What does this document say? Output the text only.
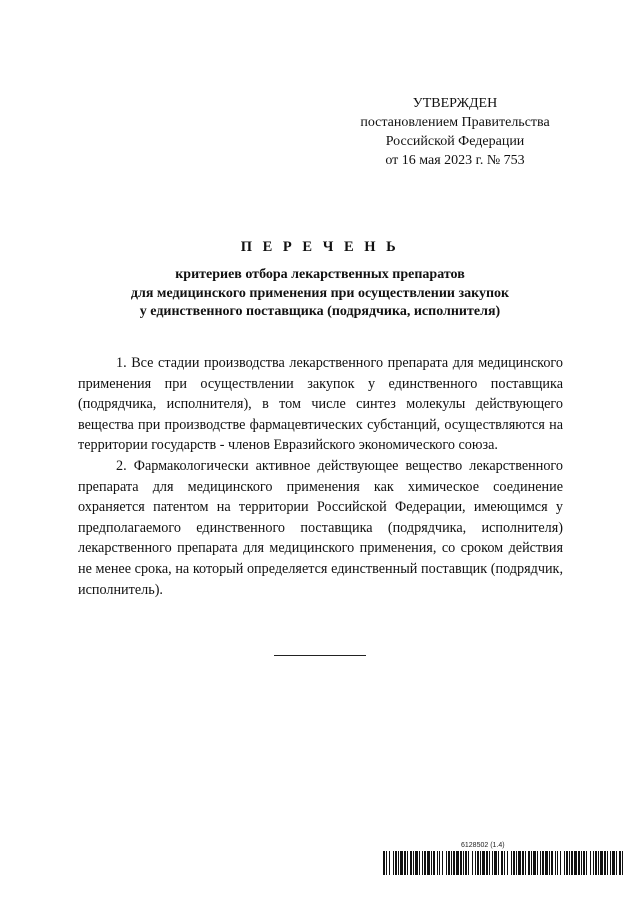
УТВЕРЖДЕН
постановлением Правительства
Российской Федерации
от 16 мая 2023 г. № 753
П Е Р Е Ч Е Н Ь
критериев отбора лекарственных препаратов
для медицинского применения при осуществлении закупок
у единственного поставщика (подрядчика, исполнителя)

1. Все стадии производства лекарственного препарата для медицинского применения при осуществлении закупок у единственного поставщика (подрядчика, исполнителя), в том числе синтез молекулы действующего вещества при производстве фармацевтических субстанций, осуществляются на территории государств - членов Евразийского экономического союза.

2. Фармакологически активное действующее вещество лекарственного препарата для медицинского применения как химическое соединение охраняется патентом на территории Российской Федерации, имеющимся у предполагаемого единственного поставщика (подрядчика, исполнителя) лекарственного препарата для медицинского применения, со сроком действия не менее срока, на который определяется единственный поставщик (подрядчик, исполнитель).

6128502 (1.4)
